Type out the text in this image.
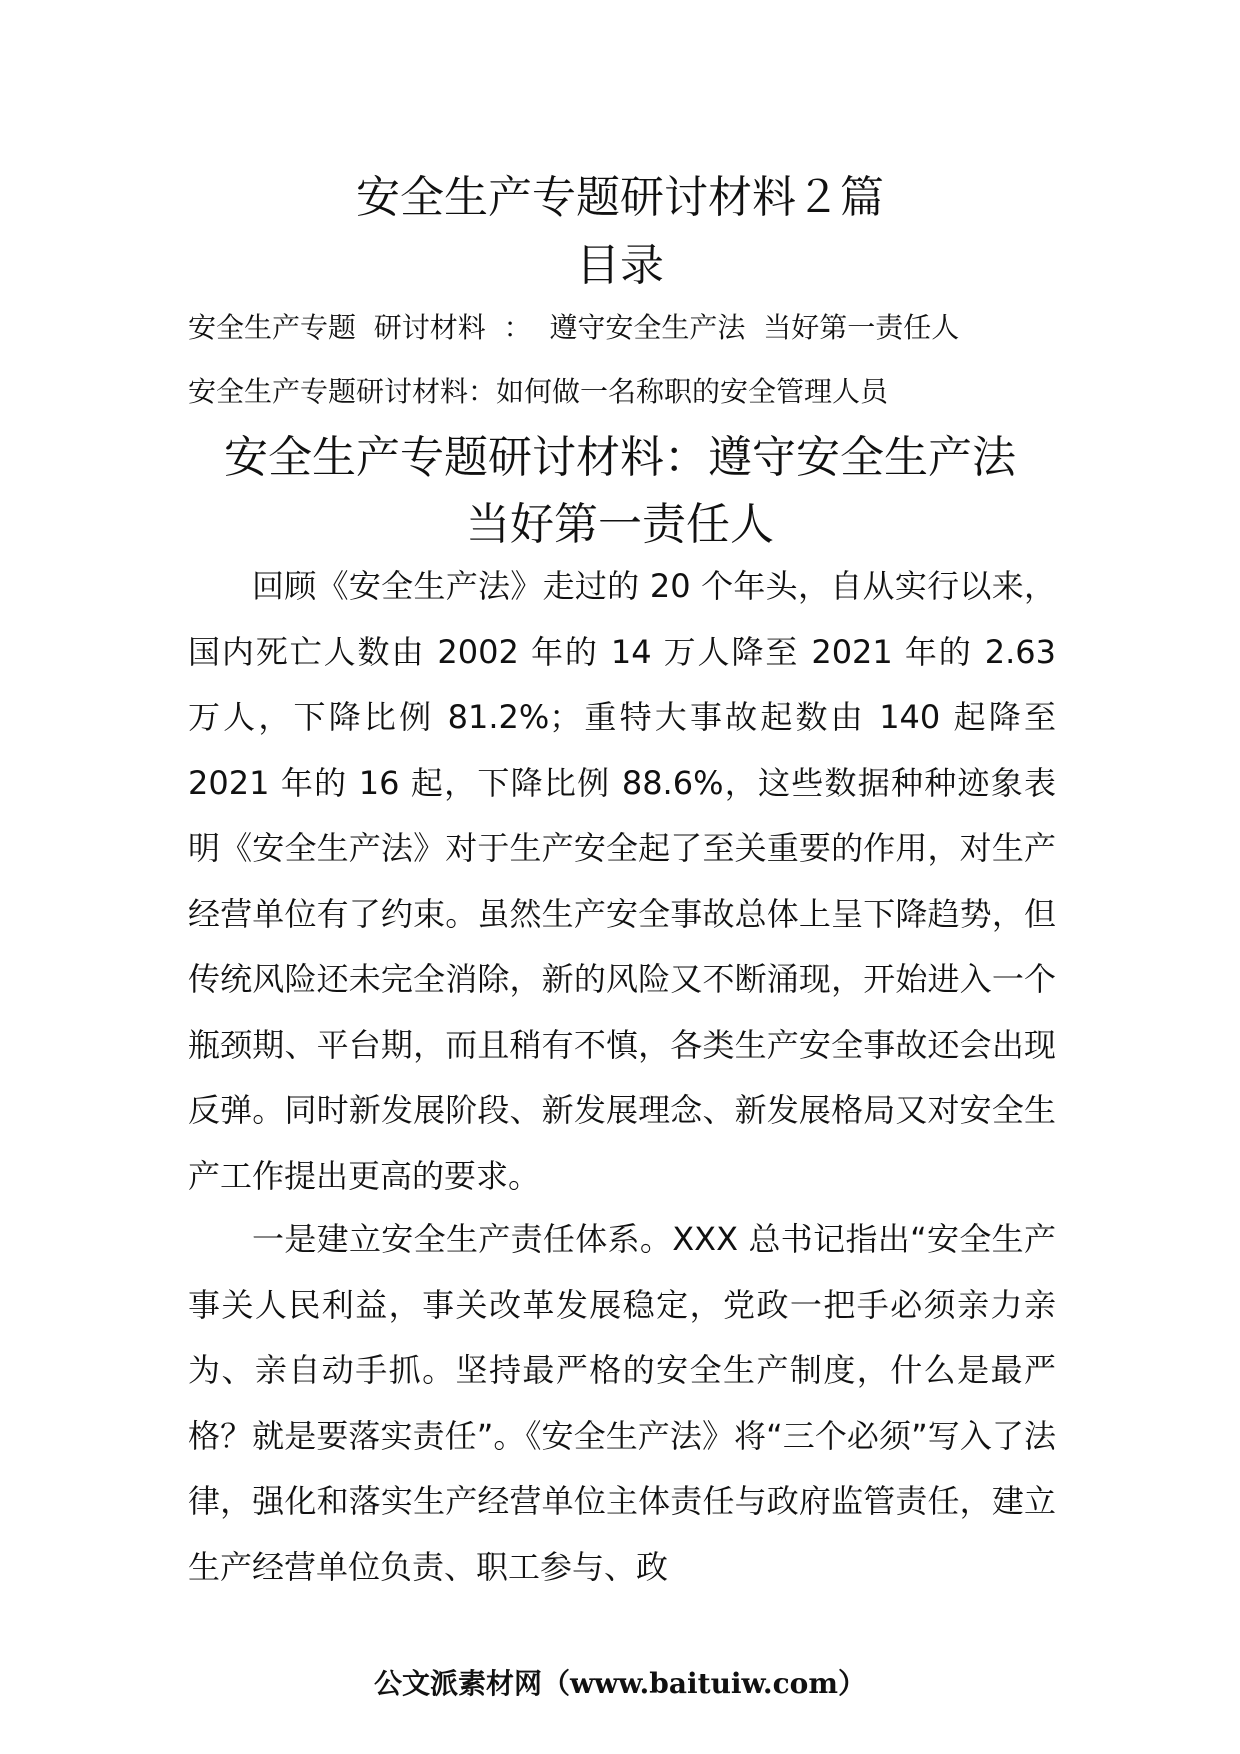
安全生产专题研讨材料２篇
目录
安全生产专题  研讨材料  ：  遵守安全生产法  当好第一责任人
安全生产专题研讨材料：如何做一名称职的安全管理人员
安全生产专题研讨材料：遵守安全生产法
当好第一责任人

回顾《安全生产法》走过的 20 个年头，自从实行以来，国内死亡人数由 2002 年的 14 万人降至 2021 年的 2.63 万人，下降比例 81.2%；重特大事故起数由 140 起降至 2021 年的 16 起，下降比例 88.6%，这些数据种种迹象表明《安全生产法》对于生产安全起了至关重要的作用，对生产经营单位有了约束。虽然生产安全事故总体上呈下降趋势，但传统风险还未完全消除，新的风险又不断涌现，开始进入一个瓶颈期、平台期，而且稍有不慎，各类生产安全事故还会出现反弹。同时新发展阶段、新发展理念、新发展格局又对安全生产工作提出更高的要求。

一是建立安全生产责任体系。XXX 总书记指出“安全生产事关人民利益，事关改革发展稳定，党政一把手必须亲力亲为、亲自动手抓。坚持最严格的安全生产制度，什么是最严格？就是要落实责任”。《安全生产法》将“三个必须”写入了法律，强化和落实生产经营单位主体责任与政府监管责任，建立生产经营单位负责、职工参与、政

公文派素材网（www.baituiw.com）
